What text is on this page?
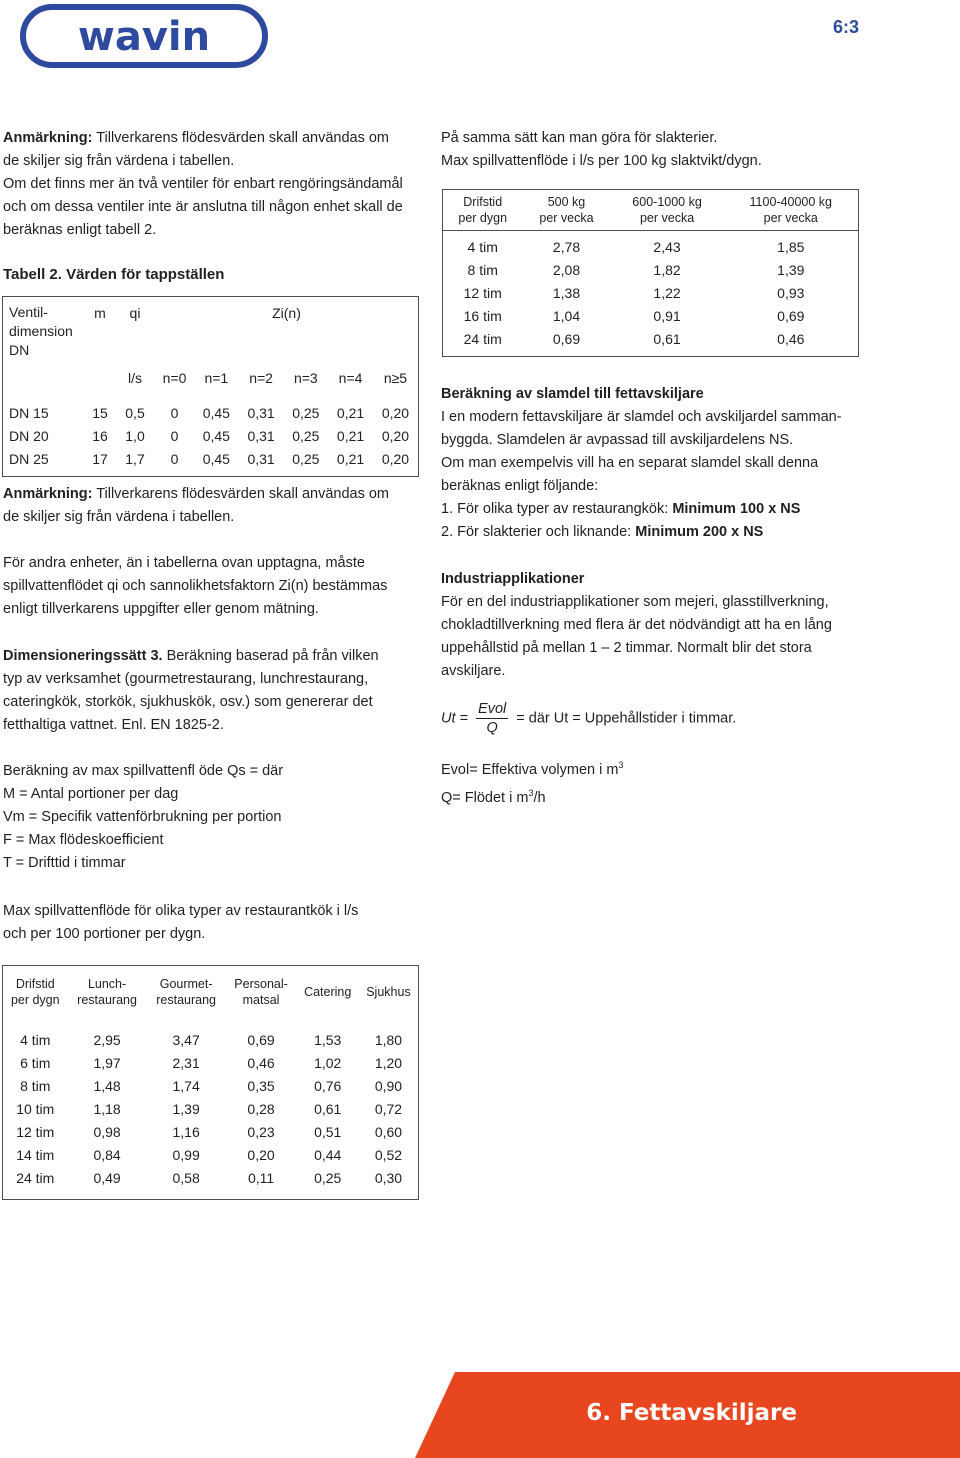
wavin	6:3

Anmärkning: Tillverkarens flödesvärden skall användas om

de skiljer sig från värdena i tabellen.

Om det finns mer än två ventiler för enbart rengöringsändamål

och om dessa ventiler inte är anslutna till någon enhet skall de

beräknas enligt tabell 2.

Tabell 2. Värden för tappställen
Ventil-
dimension
DN	m	qi	Zi(n)					
		l/s	n=0	n=1	n=2	n=3	n=4	n≥5

DN 15	15	0,5	0	0,45	0,31	0,25	0,21	0,20
DN 20	16	1,0	0	0,45	0,31	0,25	0,21	0,20
DN 25	17	1,7	0	0,45	0,31	0,25	0,21	0,20

Anmärkning: Tillverkarens flödesvärden skall användas om

de skiljer sig från värdena i tabellen.

För andra enheter, än i tabellerna ovan upptagna, måste

spillvattenflödet qi och sannolikhetsfaktorn Zi(n) bestämmas

enligt tillverkarens uppgifter eller genom mätning.

Dimensioneringssätt 3. Beräkning baserad på från vilken

typ av verksamhet (gourmetrestaurang, lunchrestaurang,

cateringkök, storkök, sjukhuskök, osv.) som genererar det

fetthaltiga vattnet. Enl. EN 1825-2.

Beräkning av max spillvattenfl öde Qs = där

M = Antal portioner per dag

Vm = Specifik vattenförbrukning per portion

F = Max flödeskoefficient

T = Drifttid i timmar

Max spillvattenflöde för olika typer av restaurantkök i l/s

och per 100 portioner per dygn.

Drifstid
per dygn	Lunch-
restaurang	Gourmet-
restaurang	Personal-
matsal	Catering	Sjukhus

4 tim	2,95	3,47	0,69	1,53	1,80
6 tim	1,97	2,31	0,46	1,02	1,20
8 tim	1,48	1,74	0,35	0,76	0,90
10 tim	1,18	1,39	0,28	0,61	0,72
12 tim	0,98	1,16	0,23	0,51	0,60
14 tim	0,84	0,99	0,20	0,44	0,52
24 tim	0,49	0,58	0,11	0,25	0,30

På samma sätt kan man göra för slakterier.

Max spillvattenflöde i l/s per 100 kg slaktvikt/dygn.

Drifstid
per dygn	500 kg
per vecka	600-1000 kg
per vecka	1100-40000 kg
per vecka

4 tim	2,78	2,43	1,85
8 tim	2,08	1,82	1,39
12 tim	1,38	1,22	0,93
16 tim	1,04	0,91	0,69
24 tim	0,69	0,61	0,46

Beräkning av slamdel till fettavskiljare

I en modern fettavskiljare är slamdel och avskiljardel samman-

byggda. Slamdelen är avpassad till avskiljardelens NS.

Om man exempelvis vill ha en separat slamdel skall denna

beräknas enligt följande:

1. För olika typer av restaurangkök: Minimum 100 x NS

2. För slakterier och liknande: Minimum 200 x NS

Industriapplikationer

För en del industriapplikationer som mejeri, glasstillverkning,

chokladtillverkning med flera är det nödvändigt att ha en lång

uppehållstid på mellan 1 – 2 timmar. Normalt blir det stora

avskiljare.

$Ut = \frac{\text{Evol}}{Q}$ = där Ut = Uppehållstider i timmar.

Evol= Effektiva volymen i $m^3$

Q= Flödet i $m^3/h$

6. Fettavskiljare
